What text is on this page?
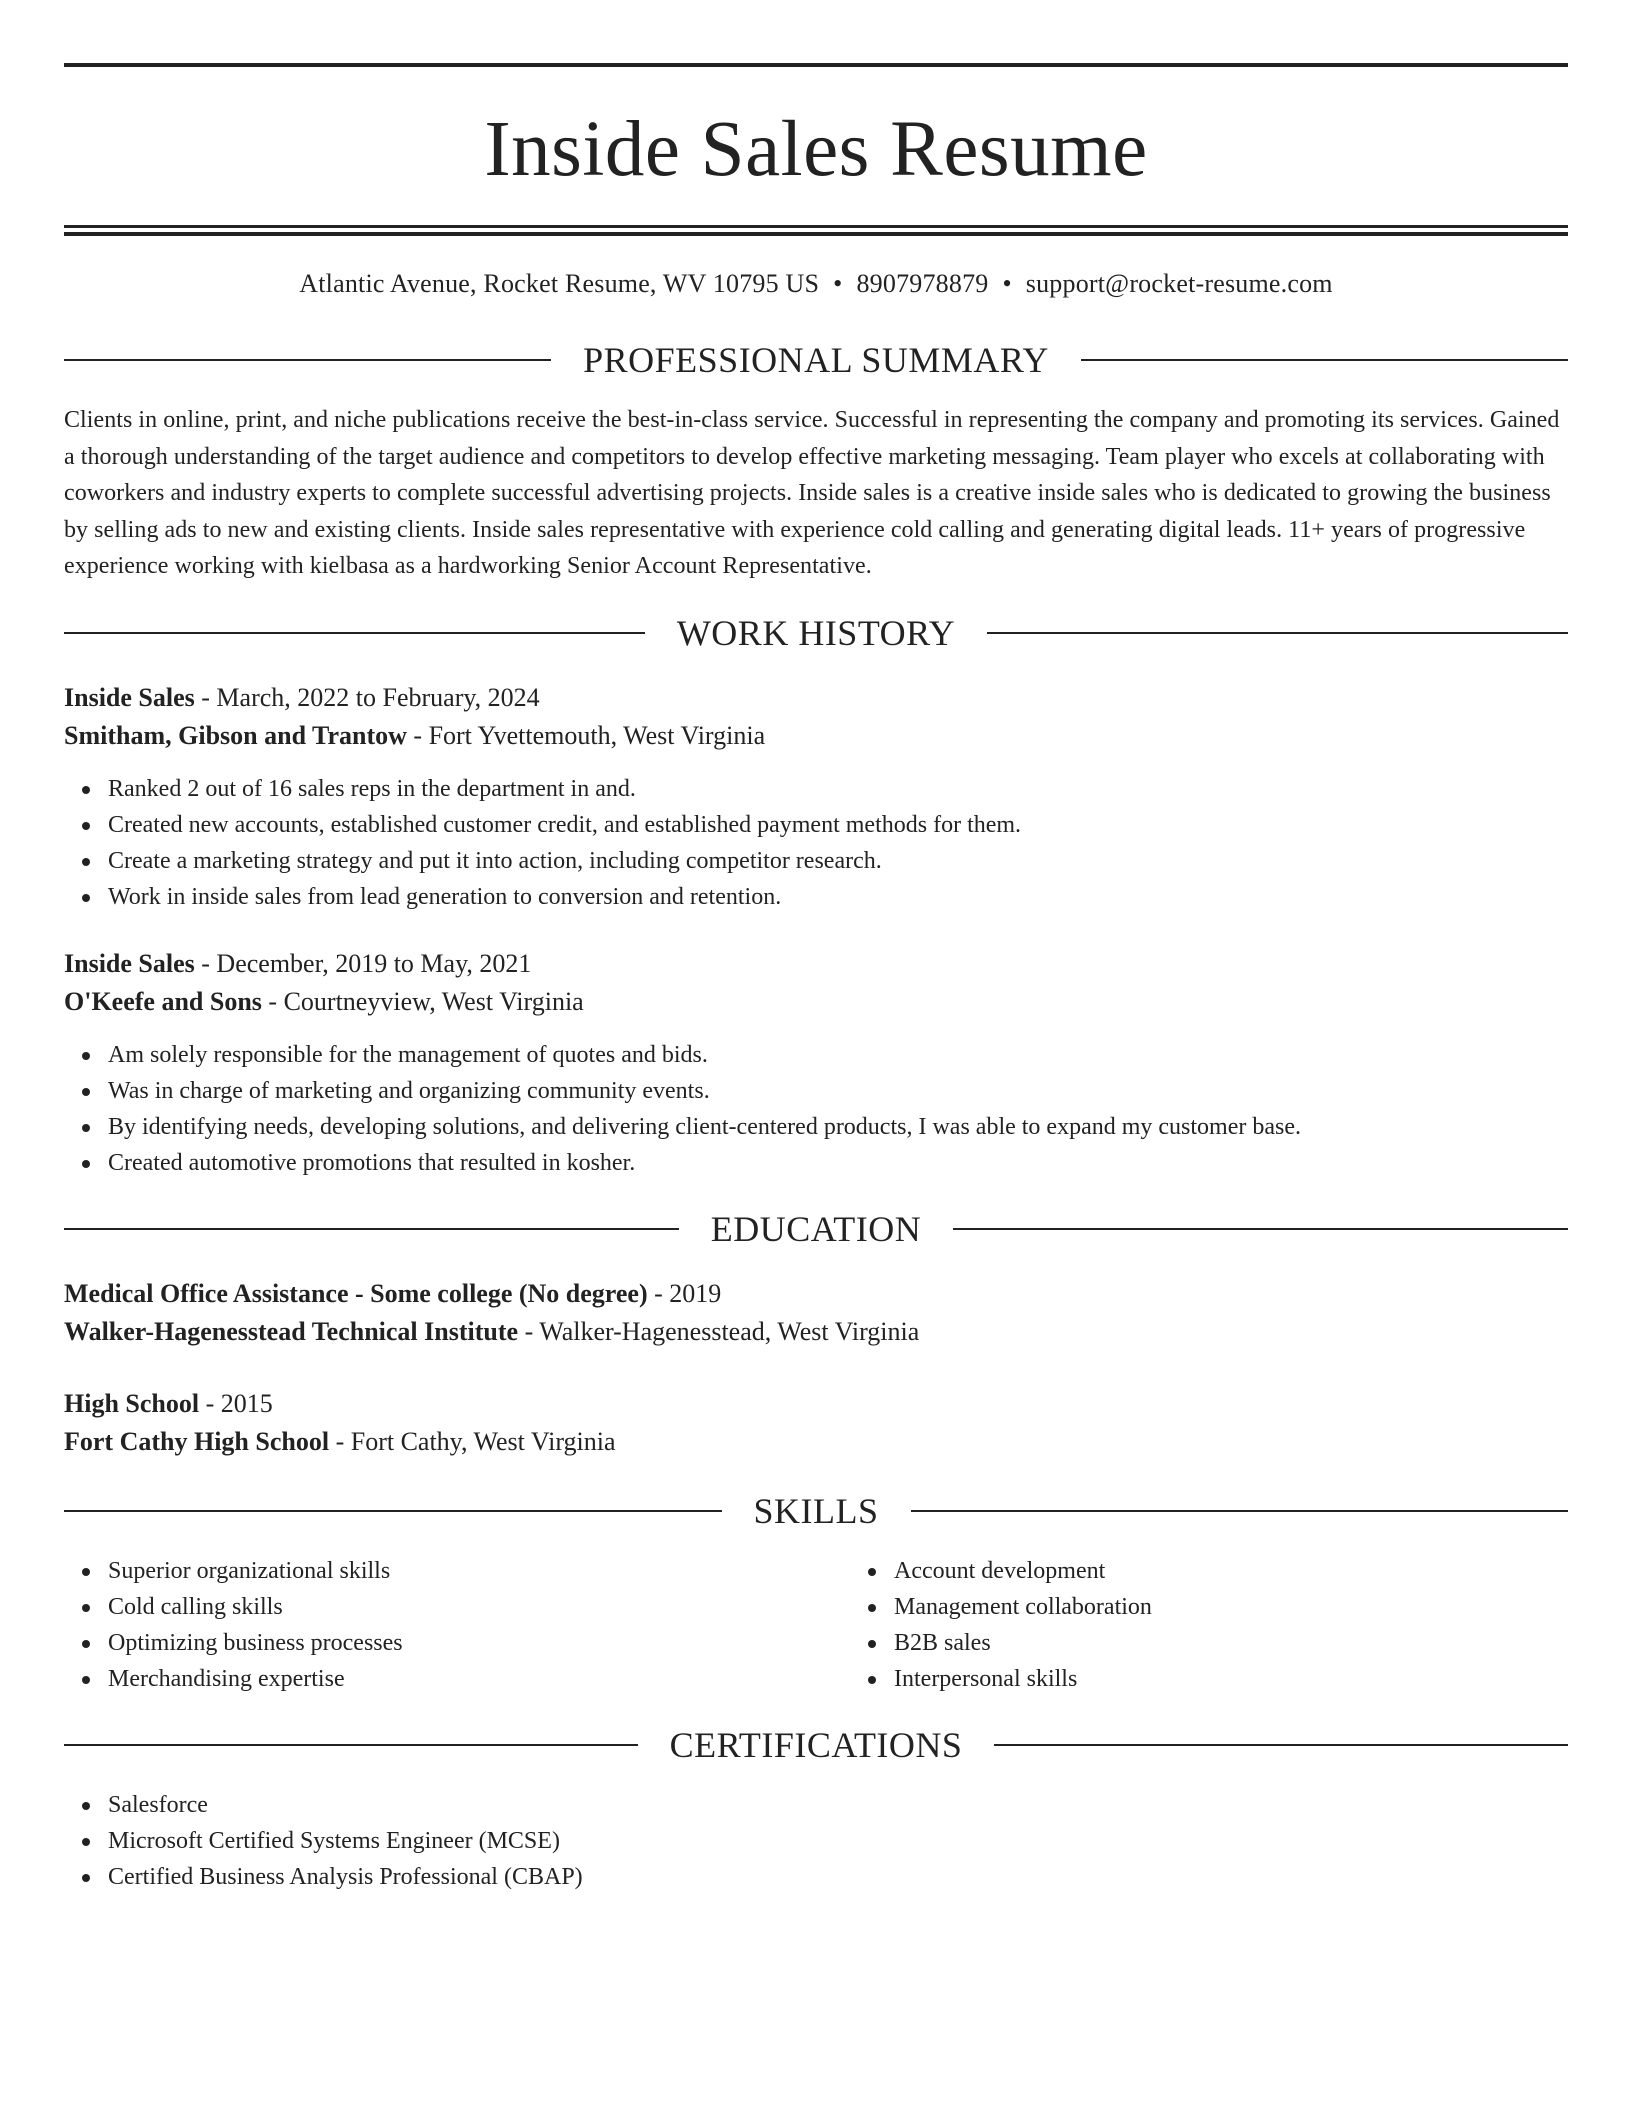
Inside Sales Resume
Atlantic Avenue, Rocket Resume, WV 10795 US • 8907978879 • support@rocket-resume.com
PROFESSIONAL SUMMARY
Clients in online, print, and niche publications receive the best-in-class service. Successful in representing the company and promoting its services. Gained a thorough understanding of the target audience and competitors to develop effective marketing messaging. Team player who excels at collaborating with coworkers and industry experts to complete successful advertising projects. Inside sales is a creative inside sales who is dedicated to growing the business by selling ads to new and existing clients. Inside sales representative with experience cold calling and generating digital leads. 11+ years of progressive experience working with kielbasa as a hardworking Senior Account Representative.
WORK HISTORY
Inside Sales - March, 2022 to February, 2024
Smitham, Gibson and Trantow - Fort Yvettemouth, West Virginia
Ranked 2 out of 16 sales reps in the department in and.
Created new accounts, established customer credit, and established payment methods for them.
Create a marketing strategy and put it into action, including competitor research.
Work in inside sales from lead generation to conversion and retention.
Inside Sales - December, 2019 to May, 2021
O'Keefe and Sons - Courtneyview, West Virginia
Am solely responsible for the management of quotes and bids.
Was in charge of marketing and organizing community events.
By identifying needs, developing solutions, and delivering client-centered products, I was able to expand my customer base.
Created automotive promotions that resulted in kosher.
EDUCATION
Medical Office Assistance - Some college (No degree) - 2019
Walker-Hagenesstead Technical Institute - Walker-Hagenesstead, West Virginia
High School - 2015
Fort Cathy High School - Fort Cathy, West Virginia
SKILLS
Superior organizational skills
Cold calling skills
Optimizing business processes
Merchandising expertise
Account development
Management collaboration
B2B sales
Interpersonal skills
CERTIFICATIONS
Salesforce
Microsoft Certified Systems Engineer (MCSE)
Certified Business Analysis Professional (CBAP)
